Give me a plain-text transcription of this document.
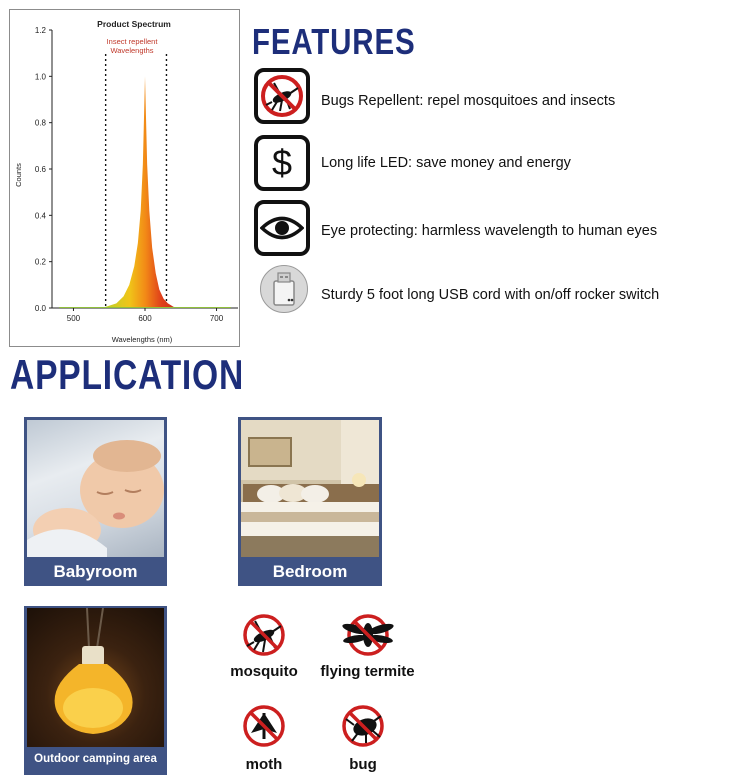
Product Spectrum
Insect repellent
Wavelengths
Counts
Wavelengths (nm)
0.0
0.2
0.4
0.6
0.8
1.0
1.2
500	600	700
FEATURES
Bugs Repellent: repel mosquitoes and insects
$ Long life LED: save money and energy
Eye protecting: harmless wavelength to human eyes
Sturdy 5 foot long USB cord with on/off rocker switch
APPLICATION
Babyroom	Bedroom
Outdoor camping area
mosquito	flying termite
moth	bug
